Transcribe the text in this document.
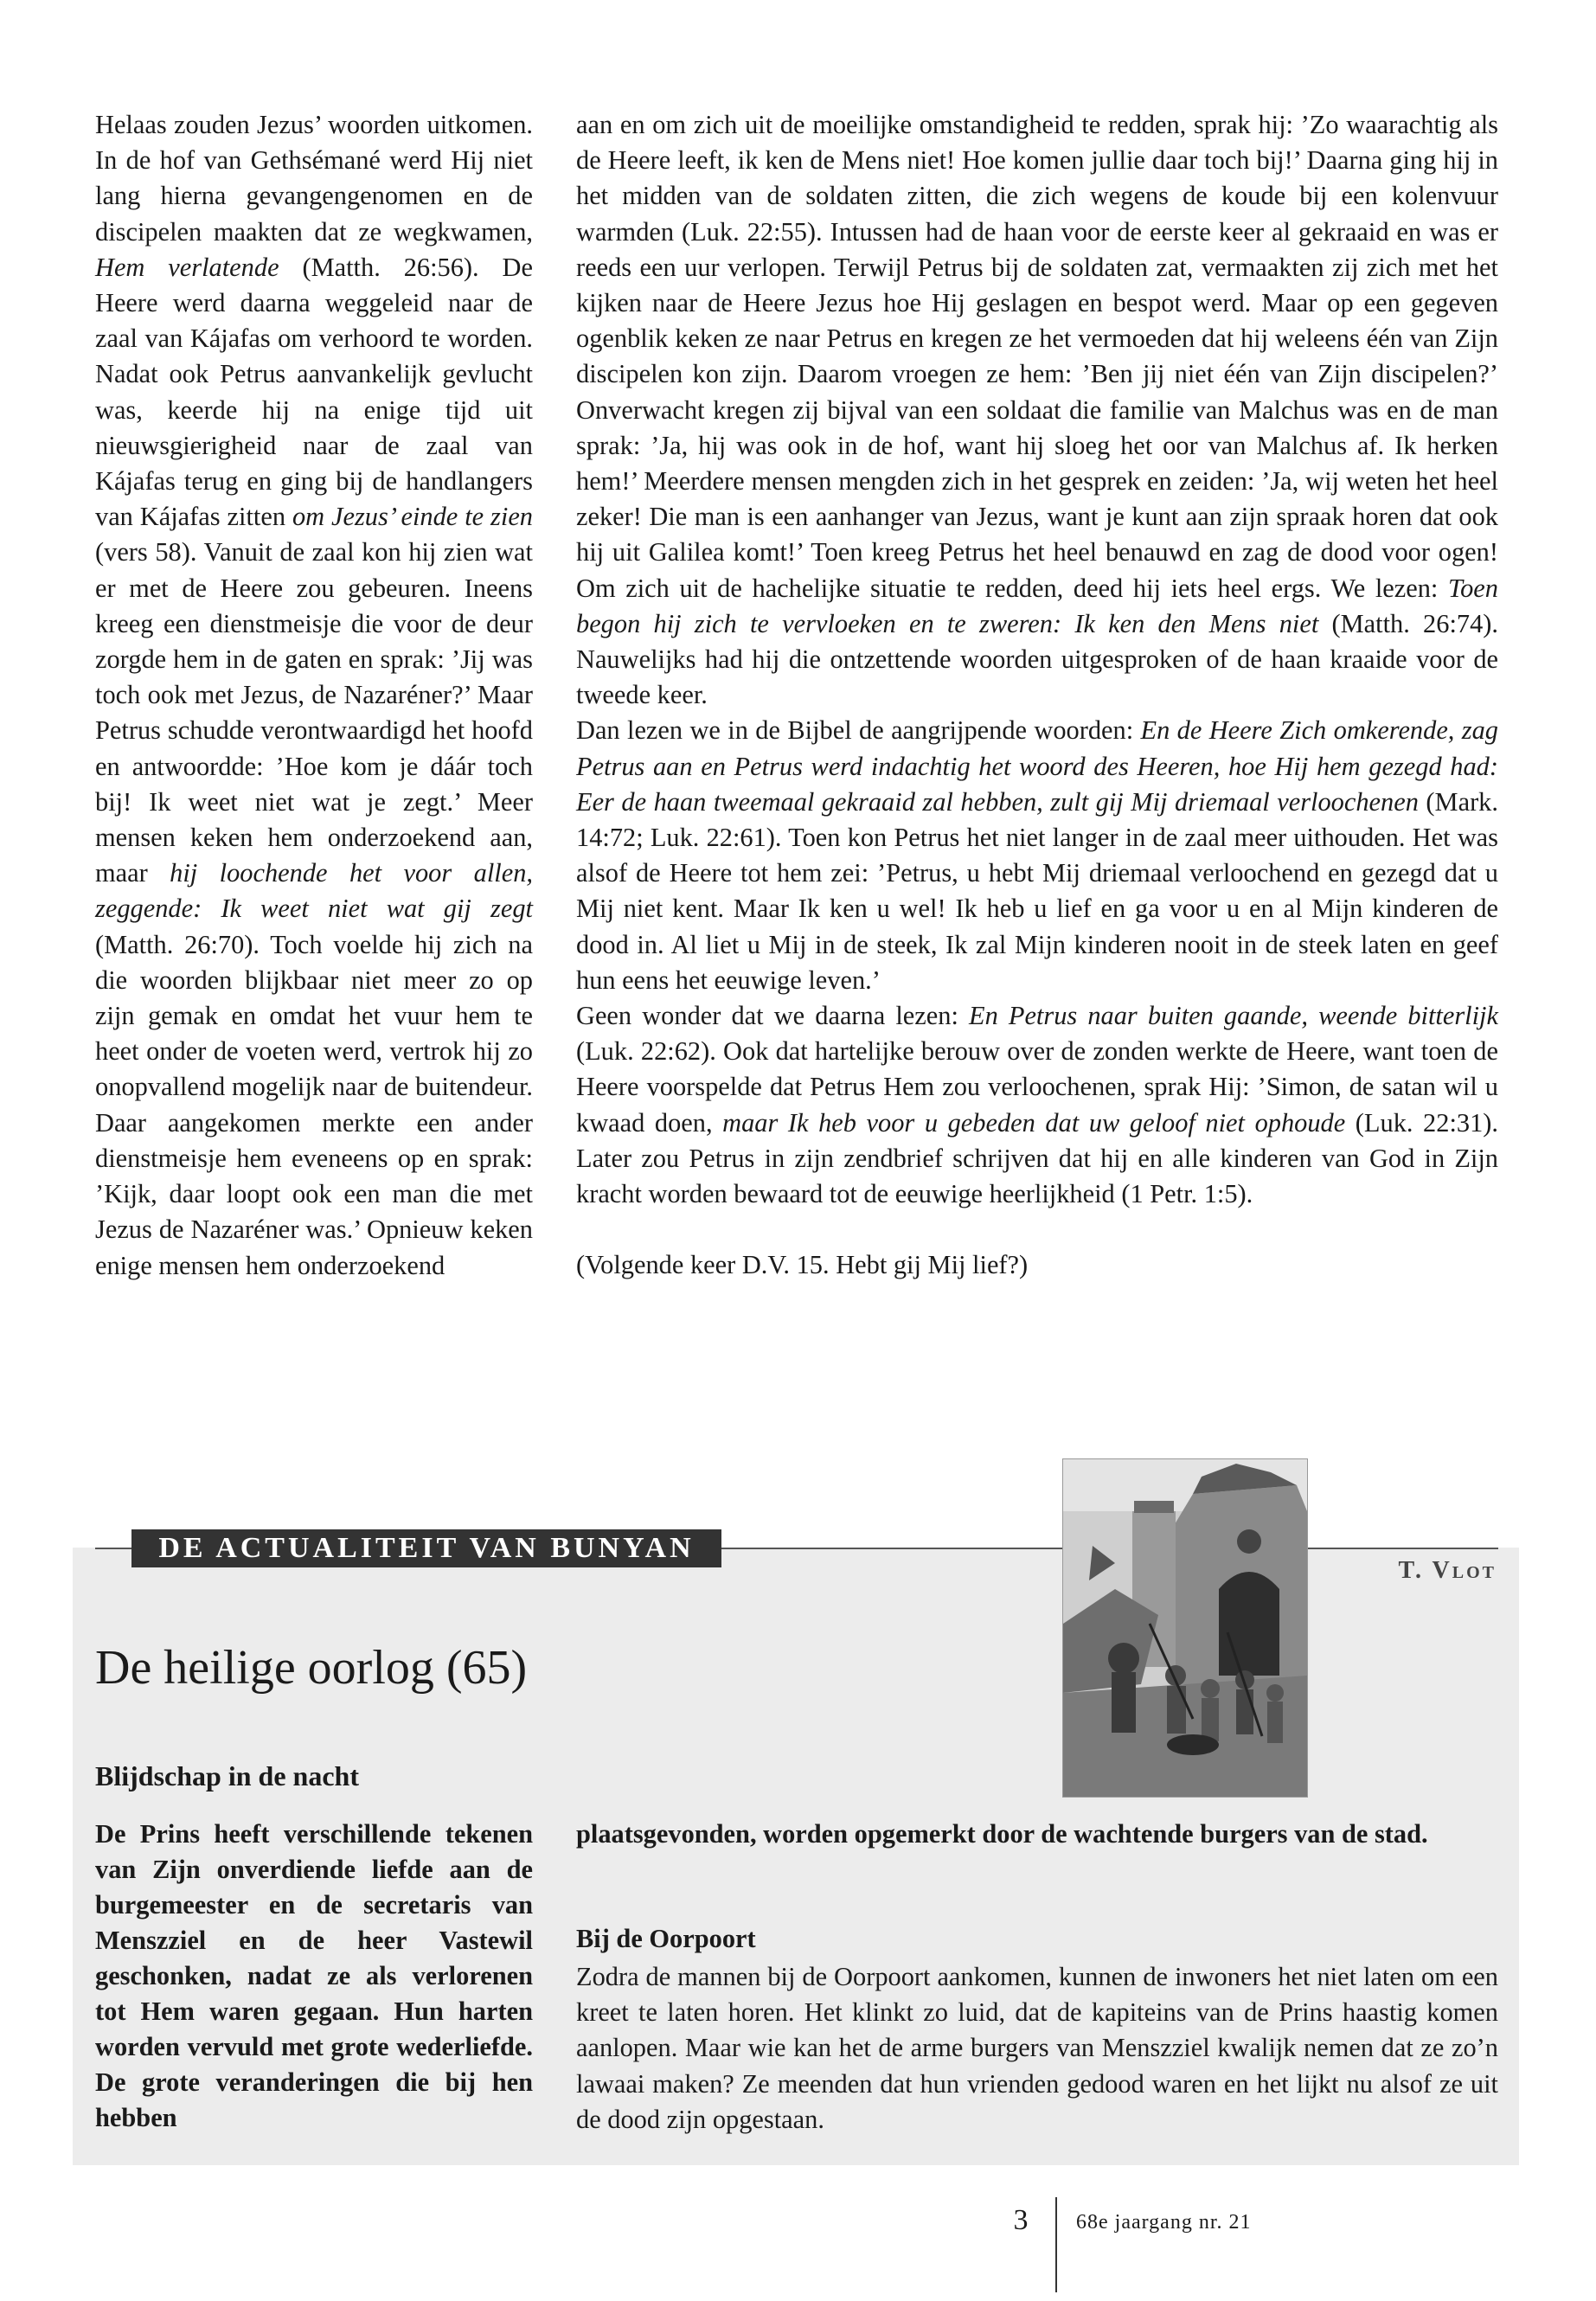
Helaas zouden Jezus’ woorden uitkomen. In de hof van Gethsémané werd Hij niet lang hierna gevangengenomen en de discipelen maakten dat ze wegkwamen, Hem verlatende (Matth. 26:56). De Heere werd daarna weggeleid naar de zaal van Kájafas om verhoord te worden. Nadat ook Petrus aanvankelijk gevlucht was, keerde hij na enige tijd uit nieuwsgierigheid naar de zaal van Kájafas terug en ging bij de handlangers van Kájafas zitten om Jezus’ einde te zien (vers 58). Vanuit de zaal kon hij zien wat er met de Heere zou gebeuren. Ineens kreeg een dienstmeisje die voor de deur zorgde hem in de gaten en sprak: ’Jij was toch ook met Jezus, de Nazaréner?’ Maar Petrus schudde verontwaardigd het hoofd en antwoordde: ’Hoe kom je dáár toch bij! Ik weet niet wat je zegt.’ Meer mensen keken hem onderzoekend aan, maar hij loochende het voor allen, zeggende: Ik weet niet wat gij zegt (Matth. 26:70). Toch voelde hij zich na die woorden blijkbaar niet meer zo op zijn gemak en omdat het vuur hem te heet onder de voeten werd, vertrok hij zo onopvallend mogelijk naar de buitendeur. Daar aangekomen merkte een ander dienstmeisje hem eveneens op en sprak: ’Kijk, daar loopt ook een man die met Jezus de Nazaréner was.’ Opnieuw keken enige mensen hem onderzoekend

aan en om zich uit de moeilijke omstandigheid te redden, sprak hij: ’Zo waarachtig als de Heere leeft, ik ken de Mens niet! Hoe komen jullie daar toch bij!’ Daarna ging hij in het midden van de soldaten zitten, die zich wegens de koude bij een kolenvuur warmden (Luk. 22:55). Intussen had de haan voor de eerste keer al gekraaid en was er reeds een uur verlopen. Terwijl Petrus bij de soldaten zat, vermaakten zij zich met het kijken naar de Heere Jezus hoe Hij geslagen en bespot werd. Maar op een gegeven ogenblik keken ze naar Petrus en kregen ze het vermoeden dat hij weleens één van Zijn discipelen kon zijn. Daarom vroegen ze hem: ’Ben jij niet één van Zijn discipelen?’ Onverwacht kregen zij bijval van een soldaat die familie van Malchus was en de man sprak: ’Ja, hij was ook in de hof, want hij sloeg het oor van Malchus af. Ik herken hem!’ Meerdere mensen mengden zich in het gesprek en zeiden: ’Ja, wij weten het heel zeker! Die man is een aanhanger van Jezus, want je kunt aan zijn spraak horen dat ook hij uit Galilea komt!’ Toen kreeg Petrus het heel benauwd en zag de dood voor ogen! Om zich uit de hachelijke situatie te redden, deed hij iets heel ergs. We lezen: Toen begon hij zich te vervloeken en te zweren: Ik ken den Mens niet (Matth. 26:74). Nauwelijks had hij die ontzettende woorden uitgesproken of de haan kraaide voor de tweede keer.

Dan lezen we in de Bijbel de aangrijpende woorden: En de Heere Zich omkerende, zag Petrus aan en Petrus werd indachtig het woord des Heeren, hoe Hij hem gezegd had: Eer de haan tweemaal gekraaid zal hebben, zult gij Mij driemaal verloochenen (Mark. 14:72; Luk. 22:61). Toen kon Petrus het niet langer in de zaal meer uithouden. Het was alsof de Heere tot hem zei: ’Petrus, u hebt Mij driemaal verloochend en gezegd dat u Mij niet kent. Maar Ik ken u wel! Ik heb u lief en ga voor u en al Mijn kinderen de dood in. Al liet u Mij in de steek, Ik zal Mijn kinderen nooit in de steek laten en geef hun eens het eeuwige leven.’

Geen wonder dat we daarna lezen: En Petrus naar buiten gaande, weende bitterlijk (Luk. 22:62). Ook dat hartelijke berouw over de zonden werkte de Heere, want toen de Heere voorspelde dat Petrus Hem zou verloochenen, sprak Hij: ’Simon, de satan wil u kwaad doen, maar Ik heb voor u gebeden dat uw geloof niet ophoude (Luk. 22:31). Later zou Petrus in zijn zendbrief schrijven dat hij en alle kinderen van God in Zijn kracht worden bewaard tot de eeuwige heerlijkheid (1 Petr. 1:5).

(Volgende keer D.V. 15. Hebt gij Mij lief?)

DE ACTUALITEIT VAN BUNYAN
T. Vlot
De heilige oorlog (65)
Blijdschap in de nacht

De Prins heeft verschillende tekenen van Zijn onverdiende liefde aan de burgemeester en de secretaris van Menszziel en de heer Vastewil geschonken, nadat ze als verlorenen tot Hem waren gegaan. Hun harten worden vervuld met grote wederliefde. De grote veranderingen die bij hen hebben

plaatsgevonden, worden opgemerkt door de wachtende burgers van de stad.

Bij de Oorpoort

Zodra de mannen bij de Oorpoort aankomen, kunnen de inwoners het niet laten om een kreet te laten horen. Het klinkt zo luid, dat de kapiteins van de Prins haastig komen aanlopen. Maar wie kan het de arme burgers van Menszziel kwalijk nemen dat ze zo’n lawaai maken? Ze meenden dat hun vrienden gedood waren en het lijkt nu alsof ze uit de dood zijn opgestaan.

3	68e jaargang nr. 21
